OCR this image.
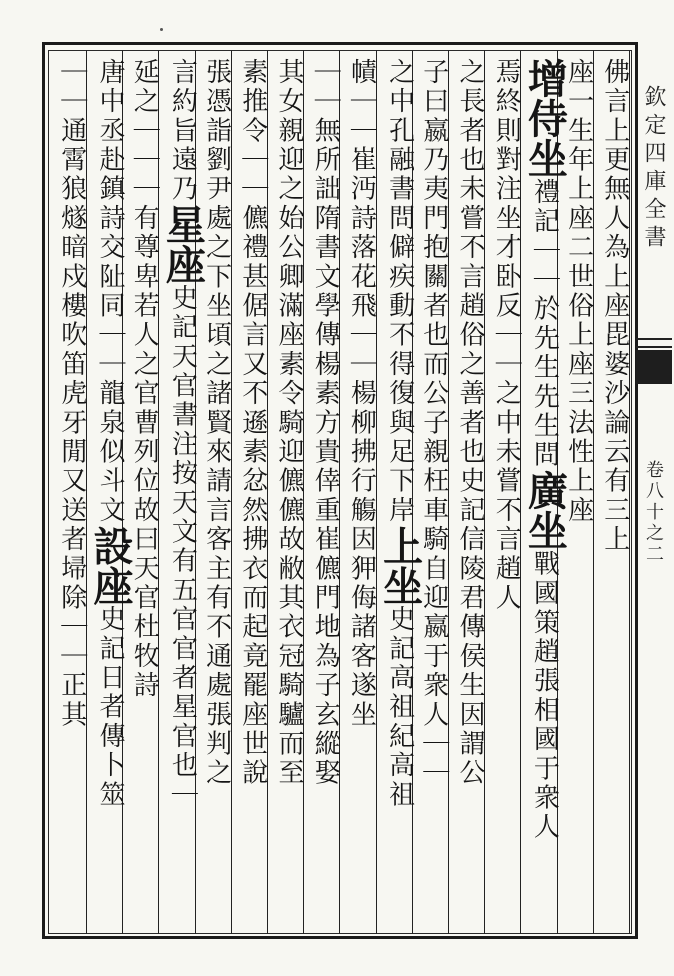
欽定四庫全書
卷八十之二
佛言上更無人為上座毘婆沙論云有三上
座一生年上座二世俗上座三法性上座
增侍坐禮記｜｜於先生先生問廣坐戰國策趙張相國于衆人
焉終則對注坐才卧反｜｜之中未嘗不言趙人
之長者也未嘗不言趙俗之善者也史記信陵君傳侯生因謂公
子曰嬴乃夷門抱關者也而公子親枉車騎自迎嬴于衆人｜｜
之中孔融書問僻疾動不得復與足下岸上坐史記高祖紀高祖
幘｜｜崔沔詩落花飛｜｜楊柳拂行觴因狎侮諸客遂坐
｜｜無所詘隋書文學傳楊素方貴倖重崔儦門地為子玄縱娶
其女親迎之始公卿滿座素令騎迎儦儦故敝其衣冠騎驢而至
素推令｜｜儦禮甚倨言又不遜素忿然拂衣而起竟罷座世說
張憑詣劉尹處之下坐頃之諸賢來請言客主有不通處張判之
言約旨遠乃星座史記天官書注按天文有五官官者星官也｜
延之｜｜｜有尊卑若人之官曹列位故曰天官杜牧詩
唐中丞赴鎮詩交阯同｜｜龍泉似斗文設座史記日者傳卜筮
｜｜通霄狼燧暗戍樓吹笛虎牙閒又送者埽除｜｜正其
